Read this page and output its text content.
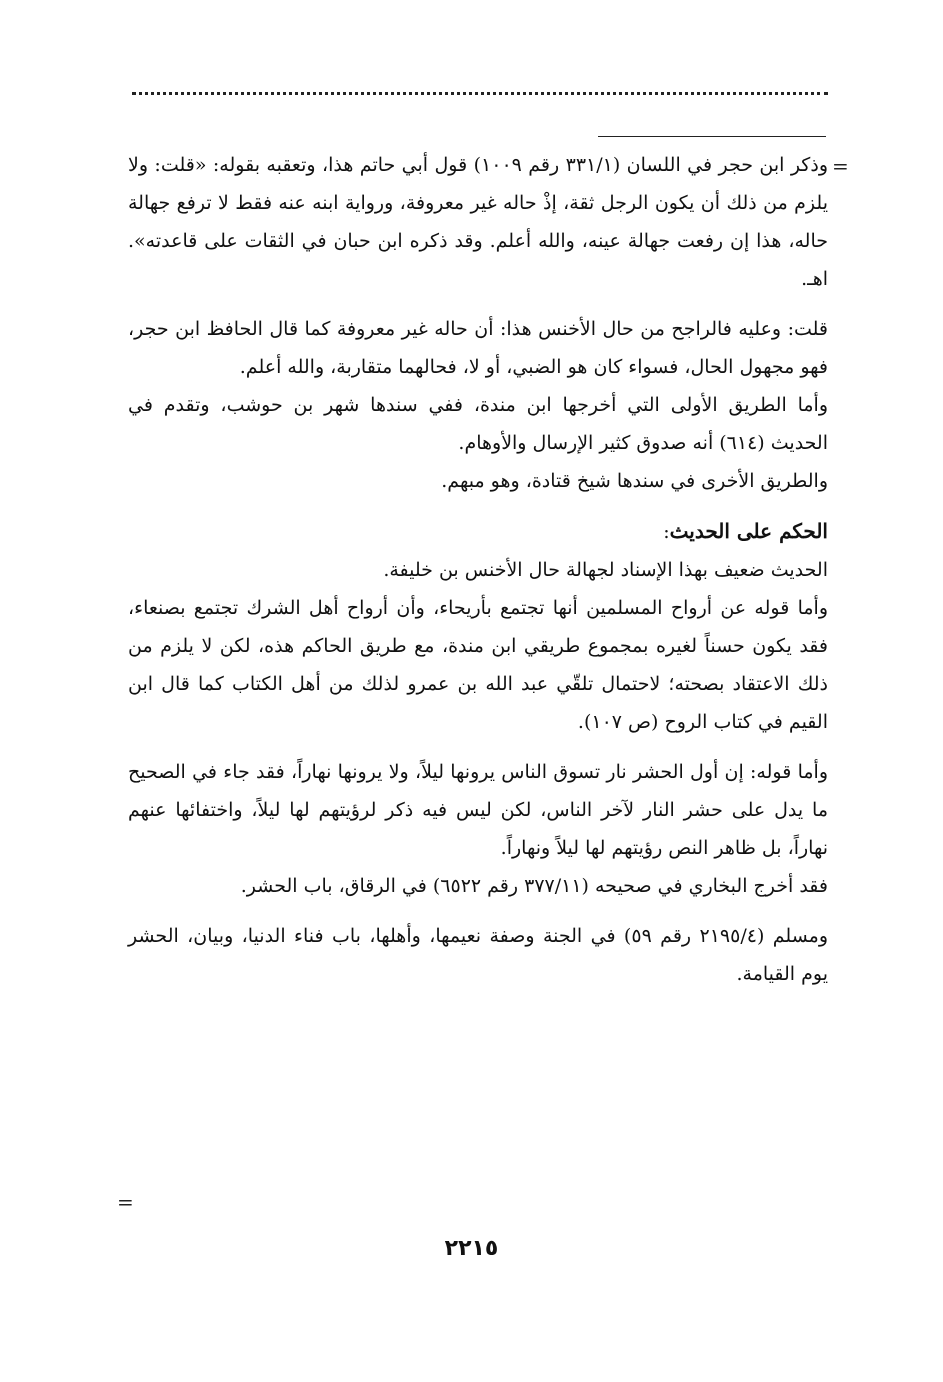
=

وذكر ابن حجر في اللسان (٣٣١/١ رقم ١٠٠٩) قول أبي حاتم هذا، وتعقبه بقوله: «قلت: ولا يلزم من ذلك أن يكون الرجل ثقة، إذْ حاله غير معروفة، ورواية ابنه عنه فقط لا ترفع جهالة حاله، هذا إن رفعت جهالة عينه، والله أعلم. وقد ذكره ابن حبان في الثقات على قاعدته». اهـ.

قلت: وعليه فالراجح من حال الأخنس هذا: أن حاله غير معروفة كما قال الحافظ ابن حجر، فهو مجهول الحال، فسواء كان هو الضبي، أو لا، فحالهما متقاربة، والله أعلم.

وأما الطريق الأولى التي أخرجها ابن مندة، ففي سندها شهر بن حوشب، وتقدم في الحديث (٦١٤) أنه صدوق كثير الإرسال والأوهام.

والطريق الأخرى في سندها شيخ قتادة، وهو مبهم.

الحكم على الحديث:

الحديث ضعيف بهذا الإسناد لجهالة حال الأخنس بن خليفة.

وأما قوله عن أرواح المسلمين أنها تجتمع بأريحاء، وأن أرواح أهل الشرك تجتمع بصنعاء، فقد يكون حسناً لغيره بمجموع طريقي ابن مندة، مع طريق الحاكم هذه، لكن لا يلزم من ذلك الاعتقاد بصحته؛ لاحتمال تلقّي عبد الله بن عمرو لذلك من أهل الكتاب كما قال ابن القيم في كتاب الروح (ص ١٠٧).

وأما قوله: إن أول الحشر نار تسوق الناس يرونها ليلاً، ولا يرونها نهاراً، فقد جاء في الصحيح ما يدل على حشر النار لآخر الناس، لكن ليس فيه ذكر لرؤيتهم لها ليلاً، واختفائها عنهم نهاراً، بل ظاهر النص رؤيتهم لها ليلاً ونهاراً.

فقد أخرج البخاري في صحيحه (٣٧٧/١١ رقم ٦٥٢٢) في الرقاق، باب الحشر.

ومسلم (٢١٩٥/٤ رقم ٥٩) في الجنة وصفة نعيمها، وأهلها، باب فناء الدنيا، وبيان، الحشر يوم القيامة.

=
٢٢١٥
